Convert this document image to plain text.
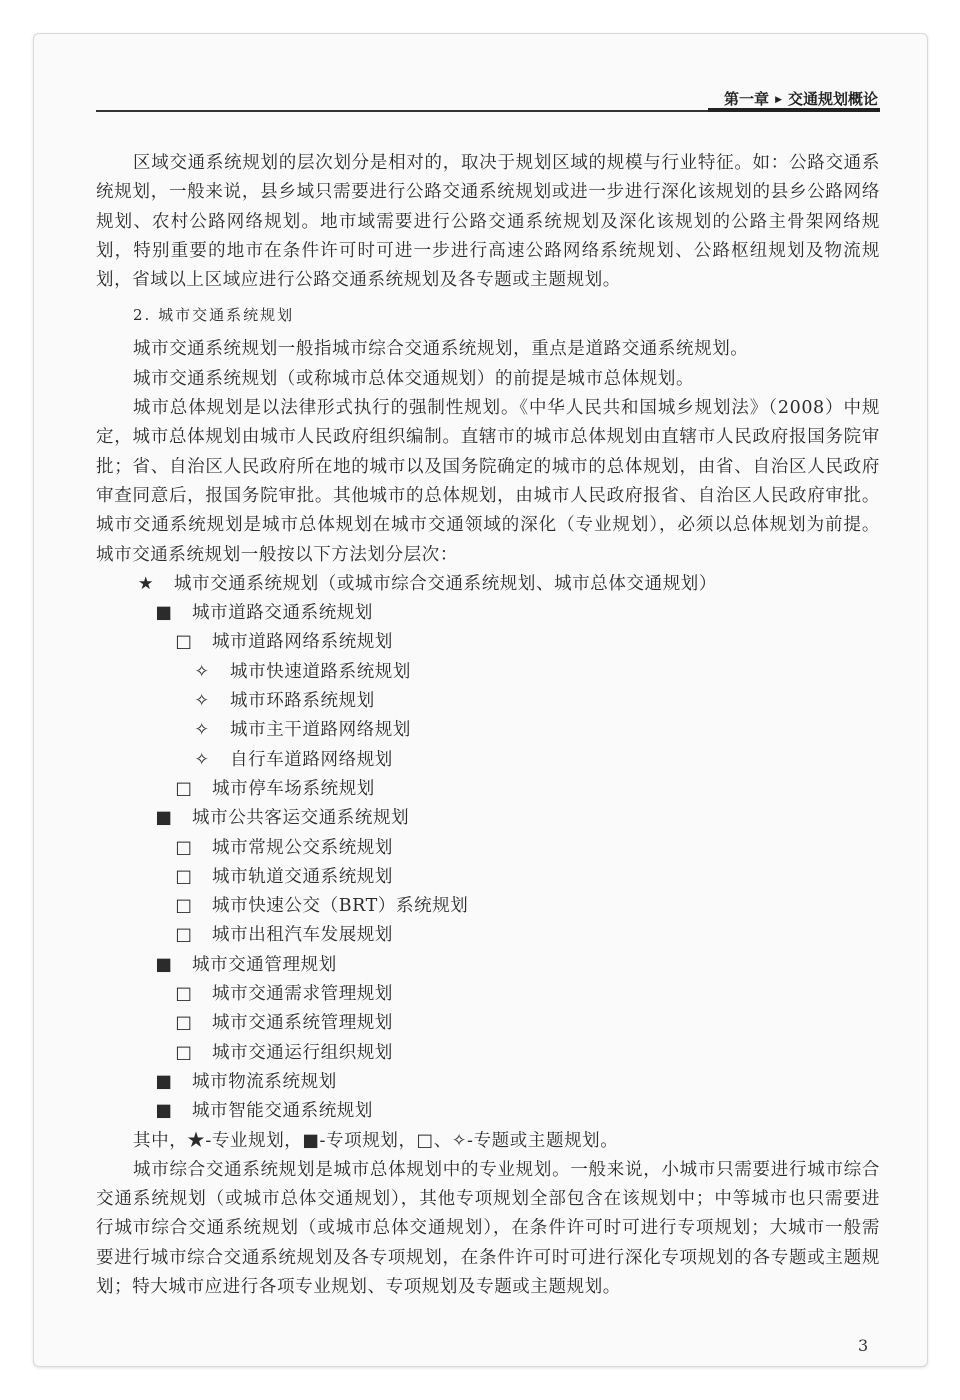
第一章 ▶ 交通规划概论

区域交通系统规划的层次划分是相对的，取决于规划区域的规模与行业特征。如：公路交通系统规划，一般来说，县乡域只需要进行公路交通系统规划或进一步进行深化该规划的县乡公路网络规划、农村公路网络规划。地市域需要进行公路交通系统规划及深化该规划的公路主骨架网络规划，特别重要的地市在条件许可时可进一步进行高速公路网络系统规划、公路枢纽规划及物流规划，省域以上区域应进行公路交通系统规划及各专题或主题规划。

2. 城市交通系统规划

城市交通系统规划一般指城市综合交通系统规划，重点是道路交通系统规划。

城市交通系统规划（或称城市总体交通规划）的前提是城市总体规划。

城市总体规划是以法律形式执行的强制性规划。《中华人民共和国城乡规划法》（2008）中规定，城市总体规划由城市人民政府组织编制。直辖市的城市总体规划由直辖市人民政府报国务院审批；省、自治区人民政府所在地的城市以及国务院确定的城市的总体规划，由省、自治区人民政府审查同意后，报国务院审批。其他城市的总体规划，由城市人民政府报省、自治区人民政府审批。城市交通系统规划是城市总体规划在城市交通领域的深化（专业规划），必须以总体规划为前提。城市交通系统规划一般按以下方法划分层次：

★ 城市交通系统规划（或城市综合交通系统规划、城市总体交通规划）

■ 城市道路交通系统规划

□ 城市道路网络系统规划

✧ 城市快速道路系统规划

✧ 城市环路系统规划

✧ 城市主干道路网络规划

✧ 自行车道路网络规划

□ 城市停车场系统规划

■ 城市公共客运交通系统规划

□ 城市常规公交系统规划

□ 城市轨道交通系统规划

□ 城市快速公交（BRT）系统规划

□ 城市出租汽车发展规划

■ 城市交通管理规划

□ 城市交通需求管理规划

□ 城市交通系统管理规划

□ 城市交通运行组织规划

■ 城市物流系统规划

■ 城市智能交通系统规划

其中，★-专业规划，■-专项规划，□、✧-专题或主题规划。

城市综合交通系统规划是城市总体规划中的专业规划。一般来说，小城市只需要进行城市综合交通系统规划（或城市总体交通规划），其他专项规划全部包含在该规划中；中等城市也只需要进行城市综合交通系统规划（或城市总体交通规划），在条件许可时可进行专项规划；大城市一般需要进行城市综合交通系统规划及各专项规划，在条件许可时可进行深化专项规划的各专题或主题规划；特大城市应进行各项专业规划、专项规划及专题或主题规划。

3
